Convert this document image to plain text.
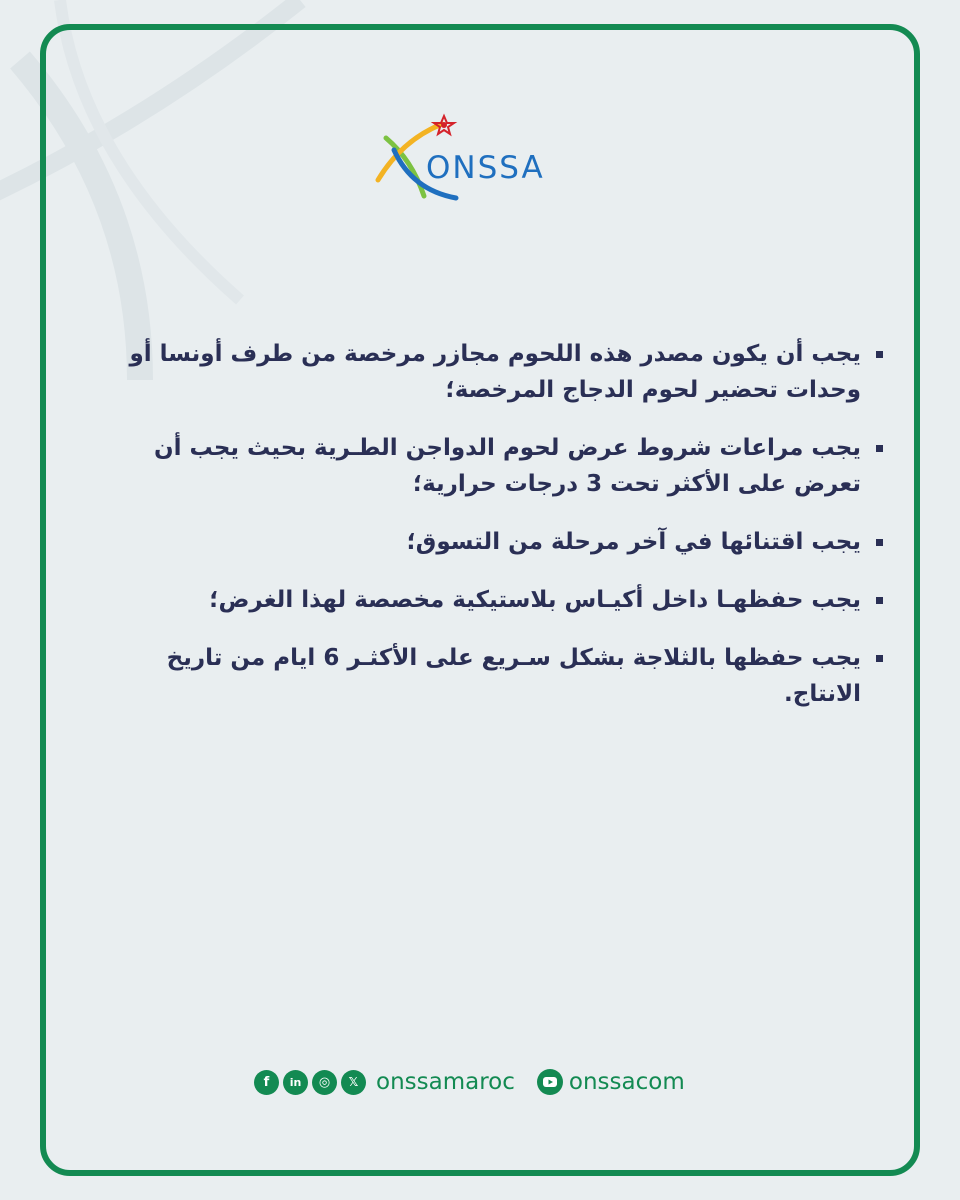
ONSSA
يجب أن يكون مصدر هذه اللحوم مجازر مرخصة من طرف أونسا أو وحدات تحضير لحوم الدجاج المرخصة؛
يجب مراعات شروط عرض لحوم الدواجن الطـرية بحيث يجب أن تعرض على الأكثر تحت 3 درجات حرارية؛
يجب اقتنائها في آخر مرحلة من التسوق؛
يجب حفظهـا داخل أكيـاس بلاستيكية مخصصة لهذا الغرض؛
يجب حفظها بالثلاجة بشكل سـريع على الأكثـر 6 ايام من تاريخ الانتاج.
f	in	◎	𝕏 onssamaroc onssacom
